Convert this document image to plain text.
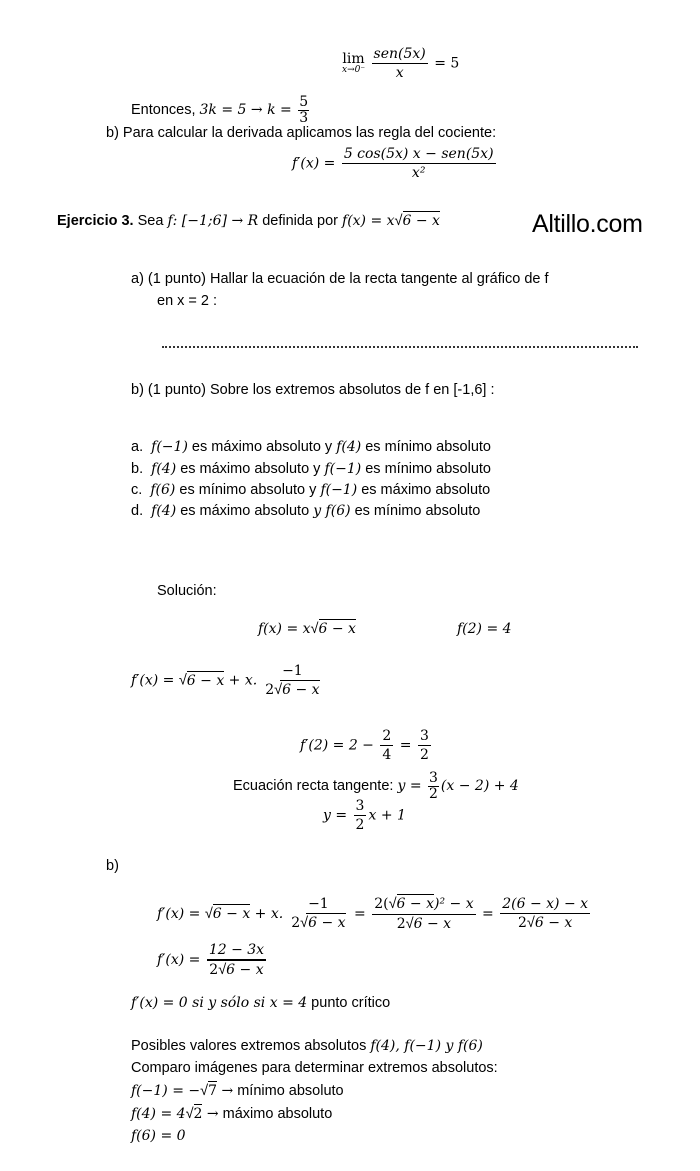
Altillo.com
lim
x→0⁻
$\frac{\text{sen(5x)}}{x} = 5$
Entonces, $3k = 5 \to k = \frac{5}{3}$
b) Para calcular la derivada aplicamos las regla del cociente:
$f'(x) = \frac{\text{5 cos(5x) x − sen(5x)}}{\text{x²}}$
Ejercicio 3. Sea f: [−1;6] → R definida por f(x) = x√6 − x
a) (1 punto) Hallar la ecuación de la recta tangente al gráfico de f
en x = 2 :
b) (1 punto) Sobre los extremos absolutos de f en [-1,6] :
a. f(−1) es máximo absoluto y f(4) es mínimo absoluto
b. f(4) es máximo absoluto y f(−1) es mínimo absoluto
c. f(6) es mínimo absoluto y f(−1) es máximo absoluto
d. f(4) es máximo absoluto y f(6) es mínimo absoluto
Solución:
f(x) = x√6 − x	f(2) = 4
f′(x) = √6 − x + x. $\frac{-1}{2√6 - x}$
$f'(2) = 2 - \frac{2}{4} = \frac{3}{2}$
Ecuación recta tangente: $y = \frac{3}{2} (x - 2) + 4$
$y = \frac{3}{2}$ x + 1
b)
f′(x) = √6 − x + x. $\frac{-1}{2√6 - x} = \frac{\text{2(√6 − x)² − x}}{2√6 - x} = \frac{2(6 - x) - x}{2√6 - x}$
$f'(x) = \frac{12 - 3x}{2√6 - x}$
f′(x) = 0 si y sólo si x = 4 punto crítico
Posibles valores extremos absolutos f(4), f(−1) y f(6)
Comparo imágenes para determinar extremos absolutos:
f(−1) = −√7 → mínimo absoluto
f(4) = 4√2 → máximo absoluto
f(6) = 0
